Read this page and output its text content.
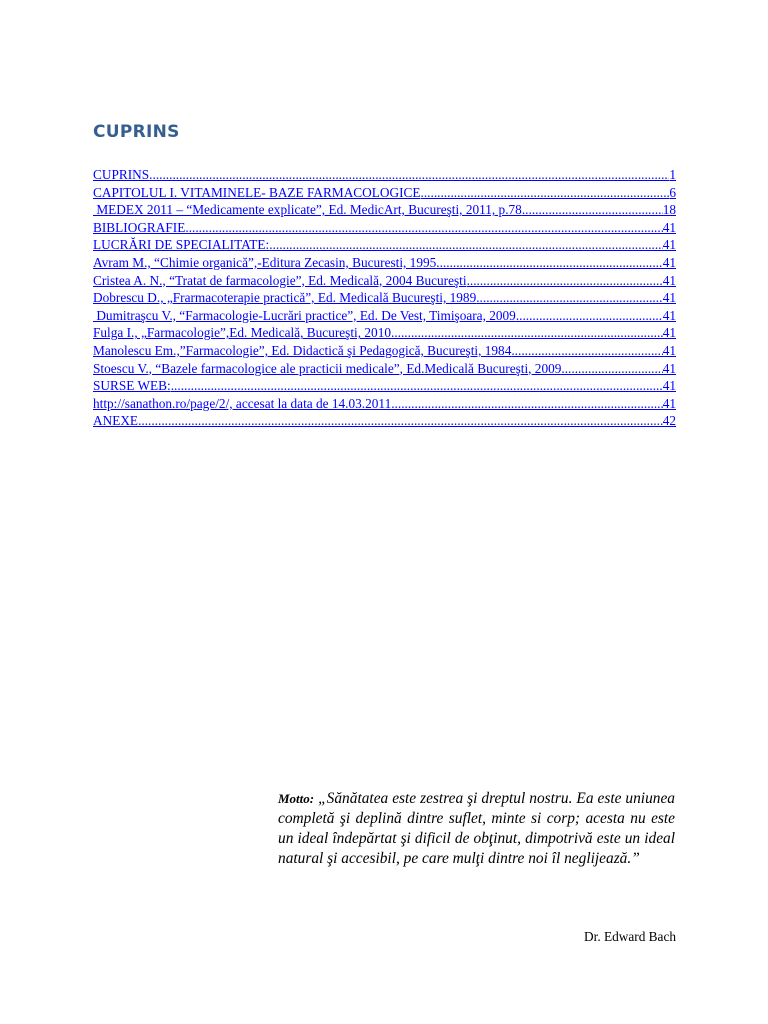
CUPRINS
CUPRINS .....	1
CAPITOLUL I. VITAMINELE- BAZE FARMACOLOGICE .....	6
MEDEX 2011 – “Medicamente explicate”, Ed. MedicArt, Bucureşti, 2011, p.78 .....	18
BIBLIOGRAFIE .....	41
LUCRĂRI DE SPECIALITATE: .....	41
Avram M., “Chimie organică”,-Editura Zecasin, Bucuresti, 1995 .....	41
Cristea A. N., “Tratat de farmacologie”, Ed. Medicală, 2004 Bucureşti .....	41
Dobrescu D., „Frarmacoterapie practică”, Ed. Medicală Bucureşti, 1989 .....	41
Dumitraşcu V., “Farmacologie-Lucrări practice”, Ed. De Vest, Timişoara, 2009 .....	41
Fulga I., „Farmacologie”,Ed. Medicală, Bucureşti, 2010 .....	41
Manolescu Em.,”Farmacologie”, Ed. Didactică şi Pedagogică, Bucureşti, 1984 .....	41
Stoescu V., “Bazele farmacologice ale practicii medicale”, Ed.Medicală Bucureşti, 2009 .....	41
SURSE WEB: .....	41
http://sanathon.ro/page/2/, accesat la data de 14.03.2011 .....	41
ANEXE .....	42

Motto: „Sănătatea este zestrea şi dreptul nostru. Ea este uniunea completă şi deplină dintre suflet, minte si corp; acesta nu este un ideal îndepărtat şi dificil de obţinut, dimpotrivă este un ideal natural şi accesibil, pe care mulţi dintre noi îl neglijează.”

Dr. Edward Bach
